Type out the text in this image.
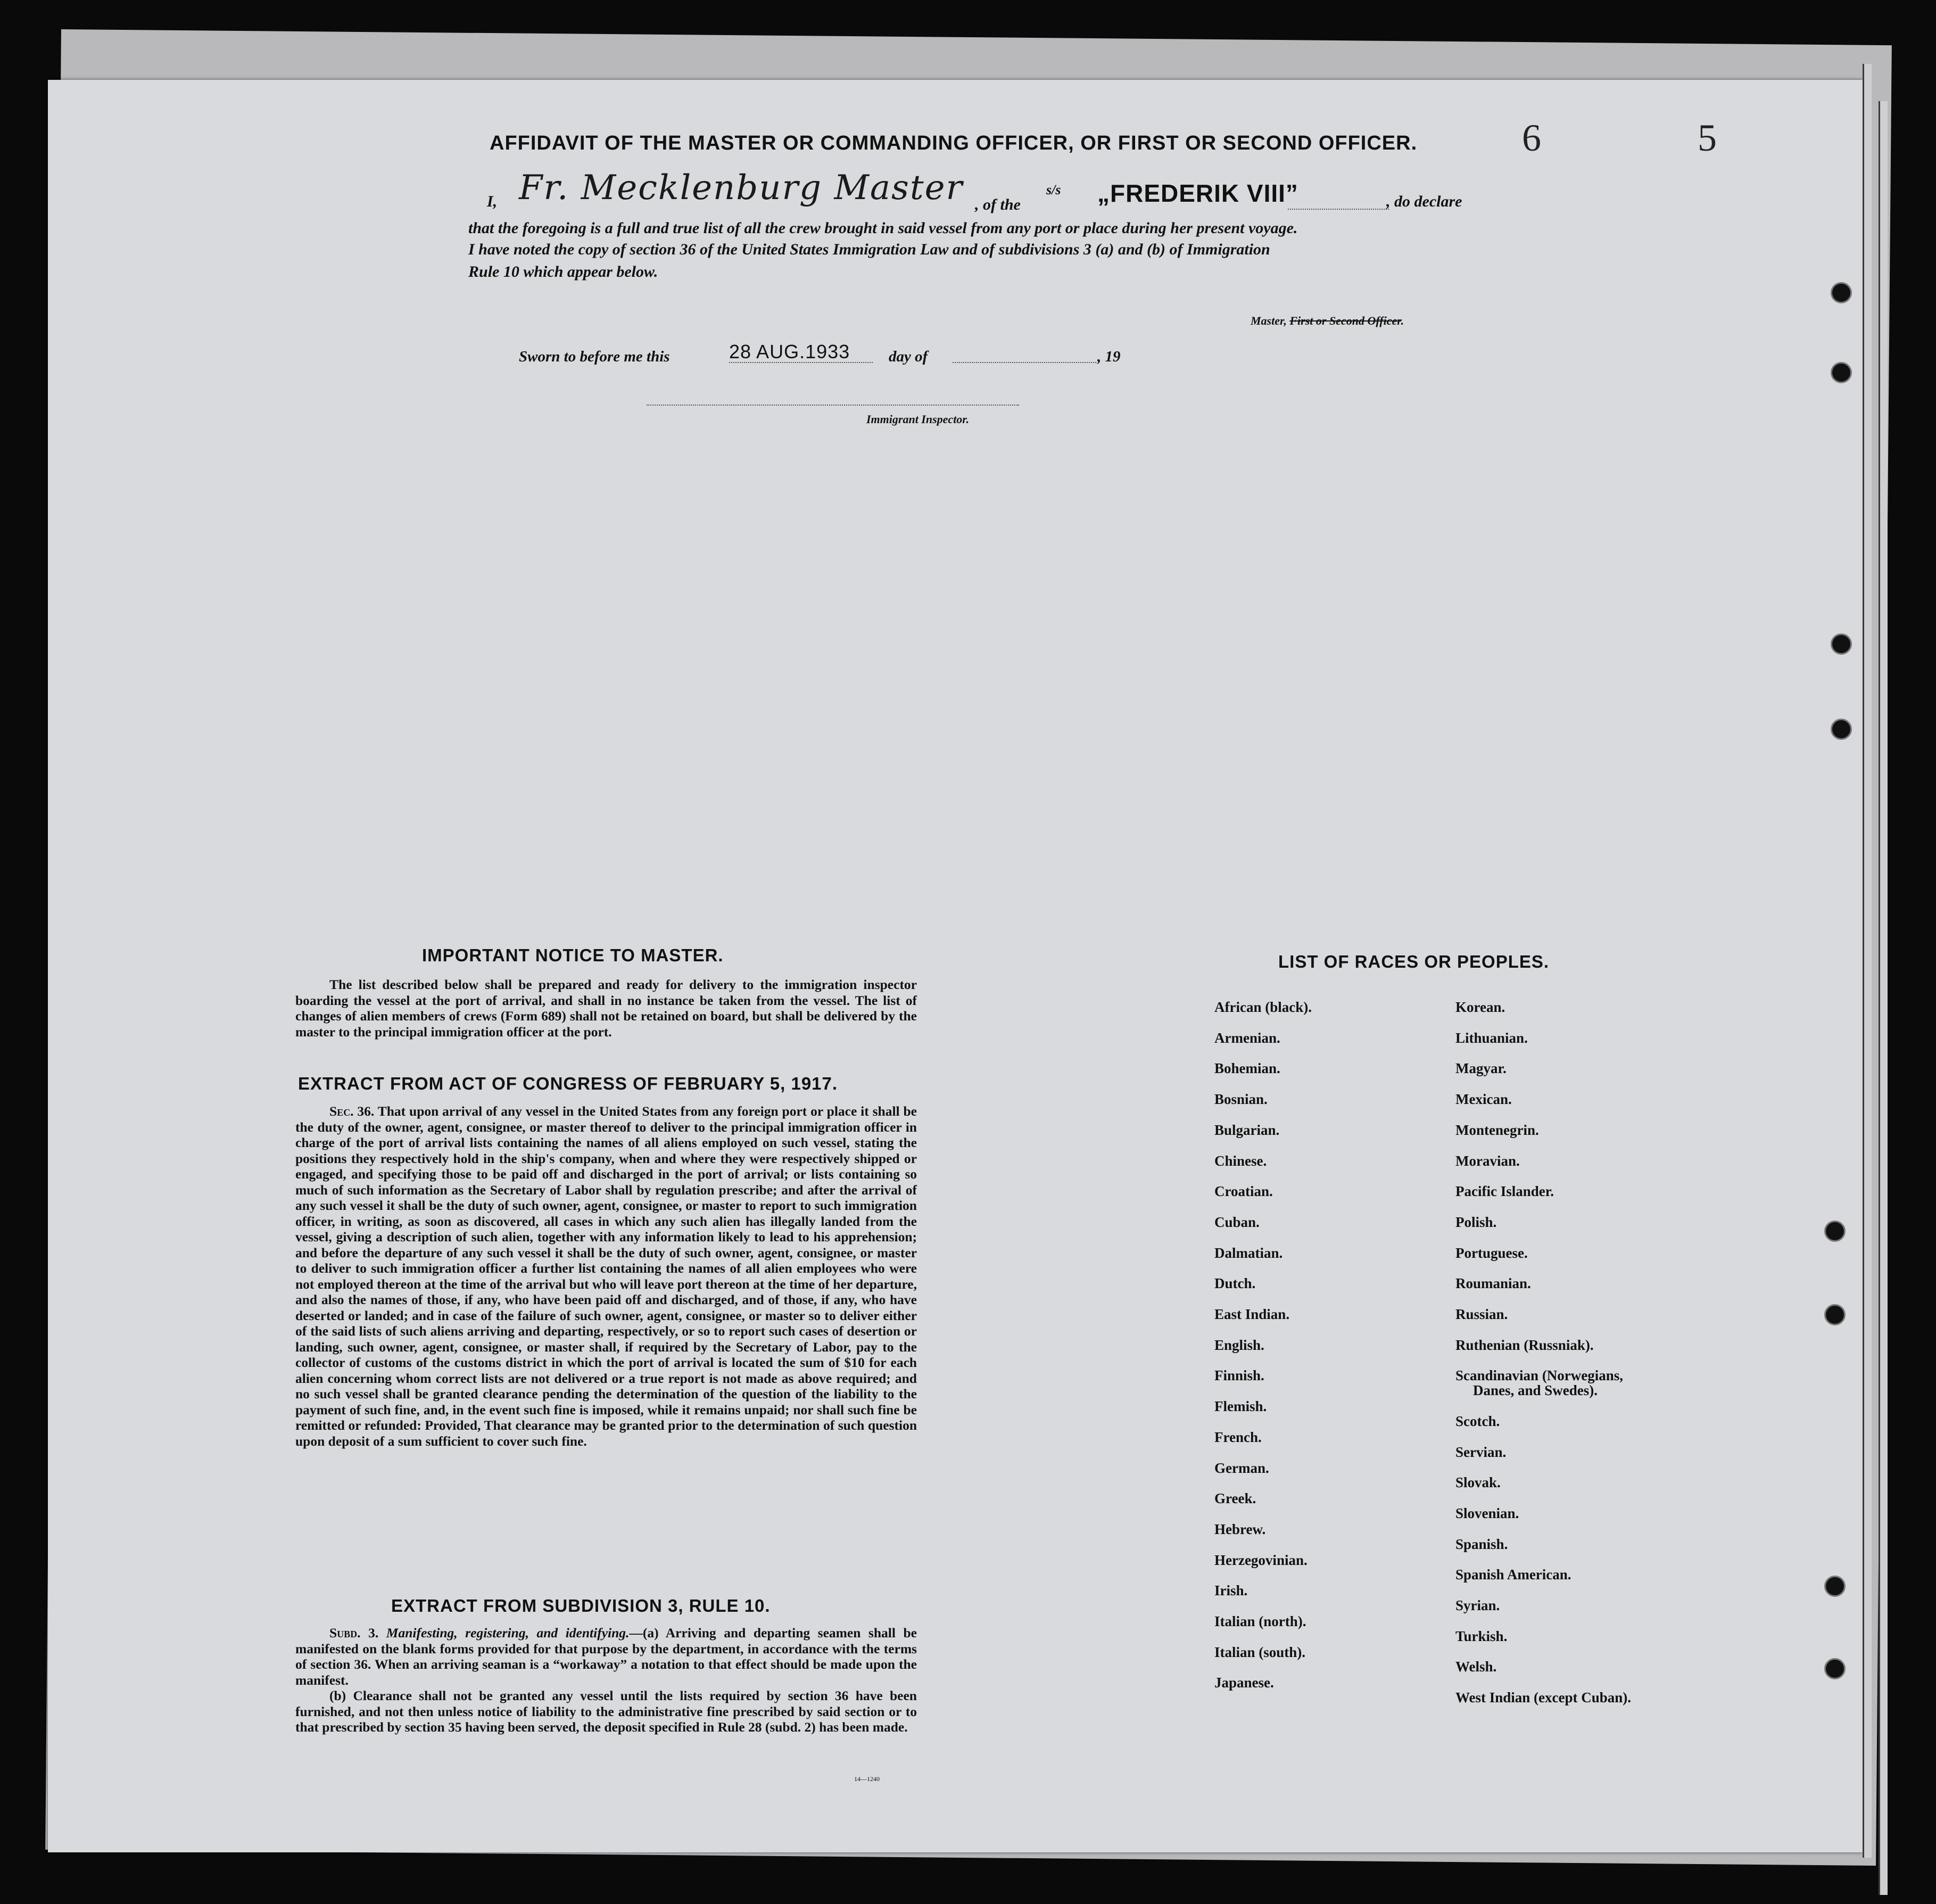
AFFIDAVIT OF THE MASTER OR COMMANDING OFFICER, OR FIRST OR SECOND OFFICER.	6	5
I, Fr. Mecklenburg Master , of the
s/s „FREDERIK VIII”	, do declare
that the foregoing is a full and true list of all the crew brought in said vessel from any port or place during her present voyage.
I have noted the copy of section 36 of the United States Immigration Law and of subdivisions 3 (a) and (b) of Immigration
Rule 10 which appear below.
Master, First or Second Officer.
Sworn to before me this	28 AUG.1933	day of	, 19
Immigrant Inspector.
IMPORTANT NOTICE TO MASTER.

The list described below shall be prepared and ready for delivery to the immigration inspector boarding the vessel at the port of arrival, and shall in no instance be taken from the vessel. The list of changes of alien members of crews (Form 689) shall not be retained on board, but shall be delivered by the master to the principal immigration officer at the port.

EXTRACT FROM ACT OF CONGRESS OF FEBRUARY 5, 1917.

Sec. 36. That upon arrival of any vessel in the United States from any foreign port or place it shall be the duty of the owner, agent, consignee, or master thereof to deliver to the principal immigration officer in charge of the port of arrival lists containing the names of all aliens employed on such vessel, stating the positions they respectively hold in the ship's company, when and where they were respectively shipped or engaged, and specifying those to be paid off and discharged in the port of arrival; or lists containing so much of such information as the Secretary of Labor shall by regulation prescribe; and after the arrival of any such vessel it shall be the duty of such owner, agent, consignee, or master to report to such immigration officer, in writing, as soon as discovered, all cases in which any such alien has illegally landed from the vessel, giving a description of such alien, together with any information likely to lead to his apprehension; and before the departure of any such vessel it shall be the duty of such owner, agent, consignee, or master to deliver to such immigration officer a further list containing the names of all alien employees who were not employed thereon at the time of the arrival but who will leave port thereon at the time of her departure, and also the names of those, if any, who have been paid off and discharged, and of those, if any, who have deserted or landed; and in case of the failure of such owner, agent, consignee, or master so to deliver either of the said lists of such aliens arriving and departing, respectively, or so to report such cases of desertion or landing, such owner, agent, consignee, or master shall, if required by the Secretary of Labor, pay to the collector of customs of the customs district in which the port of arrival is located the sum of $10 for each alien concerning whom correct lists are not delivered or a true report is not made as above required; and no such vessel shall be granted clearance pending the determination of the question of the liability to the payment of such fine, and, in the event such fine is imposed, while it remains unpaid; nor shall such fine be remitted or refunded: Provided, That clearance may be granted prior to the determination of such question upon deposit of a sum sufficient to cover such fine.

EXTRACT FROM SUBDIVISION 3, RULE 10.

Subd. 3. Manifesting, registering, and identifying.—(a) Arriving and departing seamen shall be manifested on the blank forms provided for that purpose by the department, in accordance with the terms of section 36. When an arriving seaman is a “workaway” a notation to that effect should be made upon the manifest.

(b) Clearance shall not be granted any vessel until the lists required by section 36 have been furnished, and not then unless notice of liability to the administrative fine prescribed by said section or to that prescribed by section 35 having been served, the deposit specified in Rule 28 (subd. 2) has been made.

14—1240
LIST OF RACES OR PEOPLES.
African (black).
Armenian.
Bohemian.
Bosnian.
Bulgarian.
Chinese.
Croatian.
Cuban.
Dalmatian.
Dutch.
East Indian.
English.
Finnish.
Flemish.
French.
German.
Greek.
Hebrew.
Herzegovinian.
Irish.
Italian (north).
Italian (south).
Japanese.
Korean.
Lithuanian.
Magyar.
Mexican.
Montenegrin.
Moravian.
Pacific Islander.
Polish.
Portuguese.
Roumanian.
Russian.
Ruthenian (Russniak).
Scandinavian (Norwegians,
Danes, and Swedes).
Scotch.
Servian.
Slovak.
Slovenian.
Spanish.
Spanish American.
Syrian.
Turkish.
Welsh.
West Indian (except Cuban).
